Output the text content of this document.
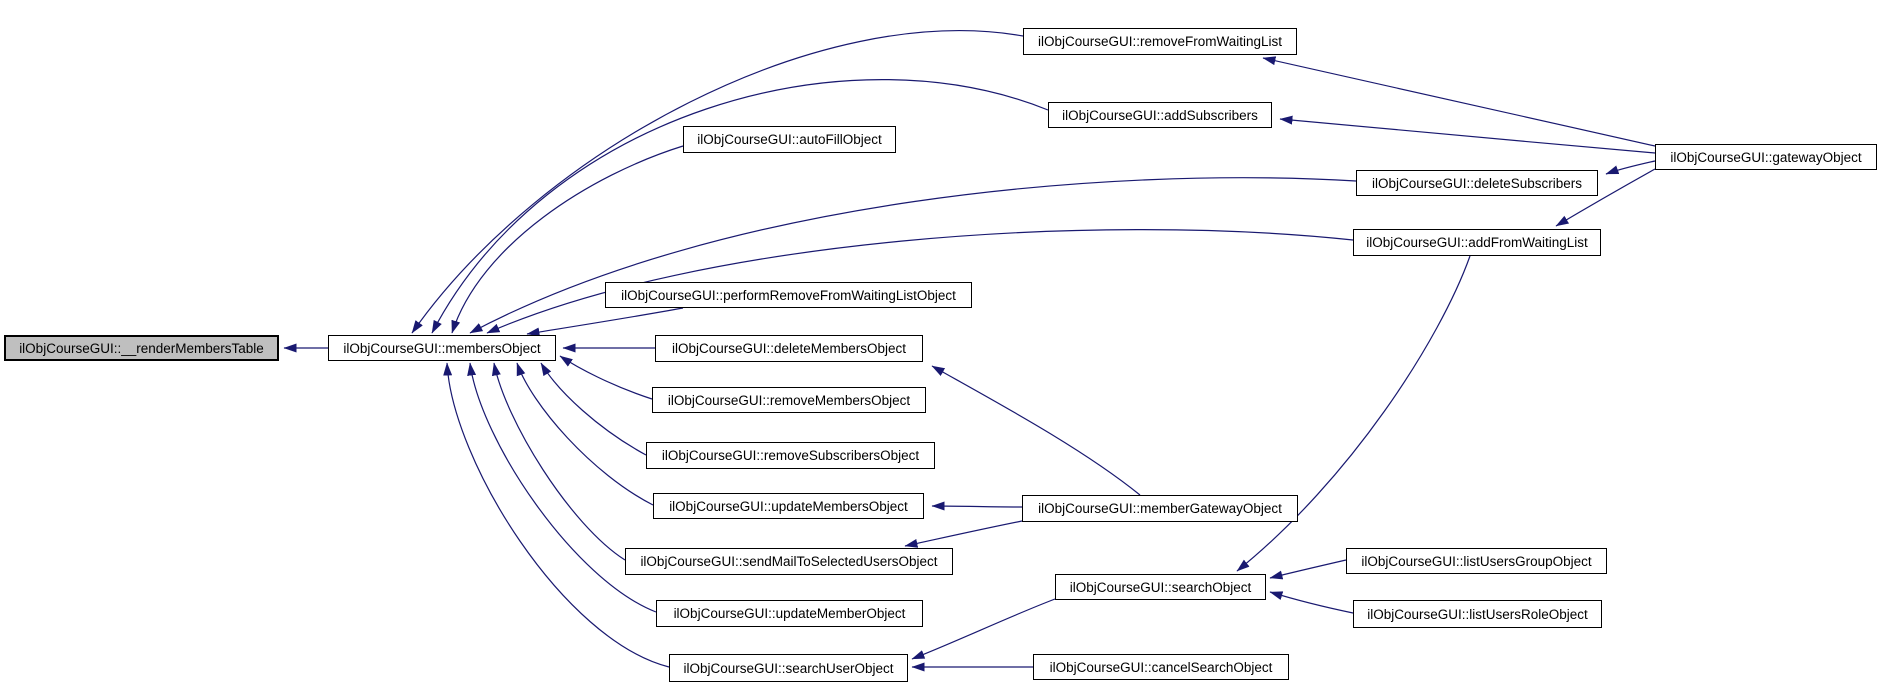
ilObjCourseGUI::__renderMembersTable	ilObjCourseGUI::membersObject
ilObjCourseGUI::removeFromWaitingList
ilObjCourseGUI::addSubscribers
ilObjCourseGUI::autoFillObject
ilObjCourseGUI::gatewayObject
ilObjCourseGUI::deleteSubscribers
ilObjCourseGUI::addFromWaitingList
ilObjCourseGUI::performRemoveFromWaitingListObject
ilObjCourseGUI::deleteMembersObject
ilObjCourseGUI::removeMembersObject
ilObjCourseGUI::removeSubscribersObject
ilObjCourseGUI::updateMembersObject	ilObjCourseGUI::memberGatewayObject
ilObjCourseGUI::sendMailToSelectedUsersObject
ilObjCourseGUI::searchObject
ilObjCourseGUI::listUsersGroupObject
ilObjCourseGUI::listUsersRoleObject
ilObjCourseGUI::updateMemberObject
ilObjCourseGUI::searchUserObject	ilObjCourseGUI::cancelSearchObject
